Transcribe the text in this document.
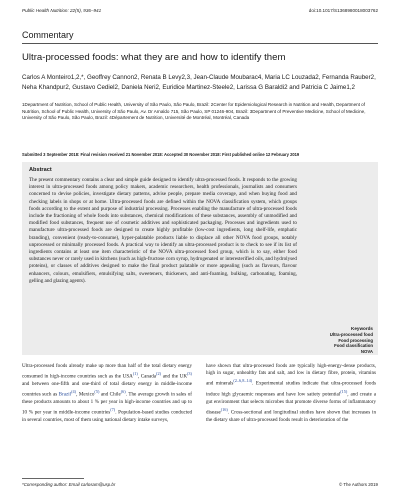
Public Health Nutrition: 22(5), 936–941	doi:10.1017/S1368980018003762
Commentary
Ultra-processed foods: what they are and how to identify them
Carlos A Monteiro1,2,*, Geoffrey Cannon2, Renata B Levy2,3, Jean-Claude Moubarac4, Maria LC Louzada2, Fernanda Rauber2, Neha Khandpur2, Gustavo Cediel2, Daniela Neri2, Euridice Martinez-Steele2, Larissa G Baraldi2 and Patricia C Jaime1,2
1Department of Nutrition, School of Public Health, University of São Paulo, São Paulo, Brazil: 2Center for Epidemiological Research in Nutrition and Health, Department of Nutrition, School of Public Health, University of São Paulo, Av. Dr Arnaldo 715, São Paulo, SP 01246-904, Brazil: 3Department of Preventive Medicine, School of Medicine, University of São Paulo, São Paulo, Brazil: 4Département de Nutrition, Université de Montréal, Montréal, Canada
Submitted 3 September 2018: Final revision received 21 November 2018: Accepted 30 November 2018: First published online 12 February 2019
Abstract
The present commentary contains a clear and simple guide designed to identify ultra-processed foods. It responds to the growing interest in ultra-processed foods among policy makers, academic researchers, health professionals, journalists and consumers concerned to devise policies, investigate dietary patterns, advise people, prepare media coverage, and when buying food and checking labels in shops or at home. Ultra-processed foods are defined within the NOVA classification system, which groups foods according to the extent and purpose of industrial processing. Processes enabling the manufacture of ultra-processed foods include the fractioning of whole foods into substances, chemical modifications of these substances, assembly of unmodified and modified food substances, frequent use of cosmetic additives and sophisticated packaging. Processes and ingredients used to manufacture ultra-processed foods are designed to create highly profitable (low-cost ingredients, long shelf-life, emphatic branding), convenient (ready-to-consume), hyper-palatable products liable to displace all other NOVA food groups, notably unprocessed or minimally processed foods. A practical way to identify an ultra-processed product is to check to see if its list of ingredients contains at least one item characteristic of the NOVA ultra-processed food group, which is to say, either food substances never or rarely used in kitchens (such as high-fructose corn syrup, hydrogenated or interesterified oils, and hydrolysed proteins), or classes of additives designed to make the final product palatable or more appealing (such as flavours, flavour enhancers, colours, emulsifiers, emulsifying salts, sweeteners, thickeners, and anti-foaming, bulking, carbonating, foaming, gelling and glazing agents).
Keywords
Ultra-processed food
Food processing
Food classification
NOVA
Ultra-processed foods already make up more than half of the total dietary energy consumed in high-income countries such as the USA$^{(1)}$, Canada$^{(2)}$ and the UK$^{(3)}$ and between one-fifth and one-third of total dietary energy in middle-income countries such as Brazil$^{(4)}$, Mexico$^{(5)}$ and Chile$^{(6)}$. The average growth in sales of these products amounts to about 1 % per year in high-income countries and up to 10 % per year in middle-income countries$^{(7)}$. Population-based studies conducted in several countries, most of them using national dietary intake surveys,
have shown that ultra-processed foods are typically high-energy-dense products, high in sugar, unhealthy fats and salt, and low in dietary fibre, protein, vitamins and minerals$^{(2-6,8-14)}$. Experimental studies indicate that ultra-processed foods induce high glycaemic responses and have low satiety potential$^{(15)}$, and create a gut environment that selects microbes that promote diverse forms of inflammatory disease$^{(16)}$. Cross-sectional and longitudinal studies have shown that increases in the dietary share of ultra-processed foods result in deterioration of the
*Corresponding author: Email carlosam@usp.br	© The Authors 2019
